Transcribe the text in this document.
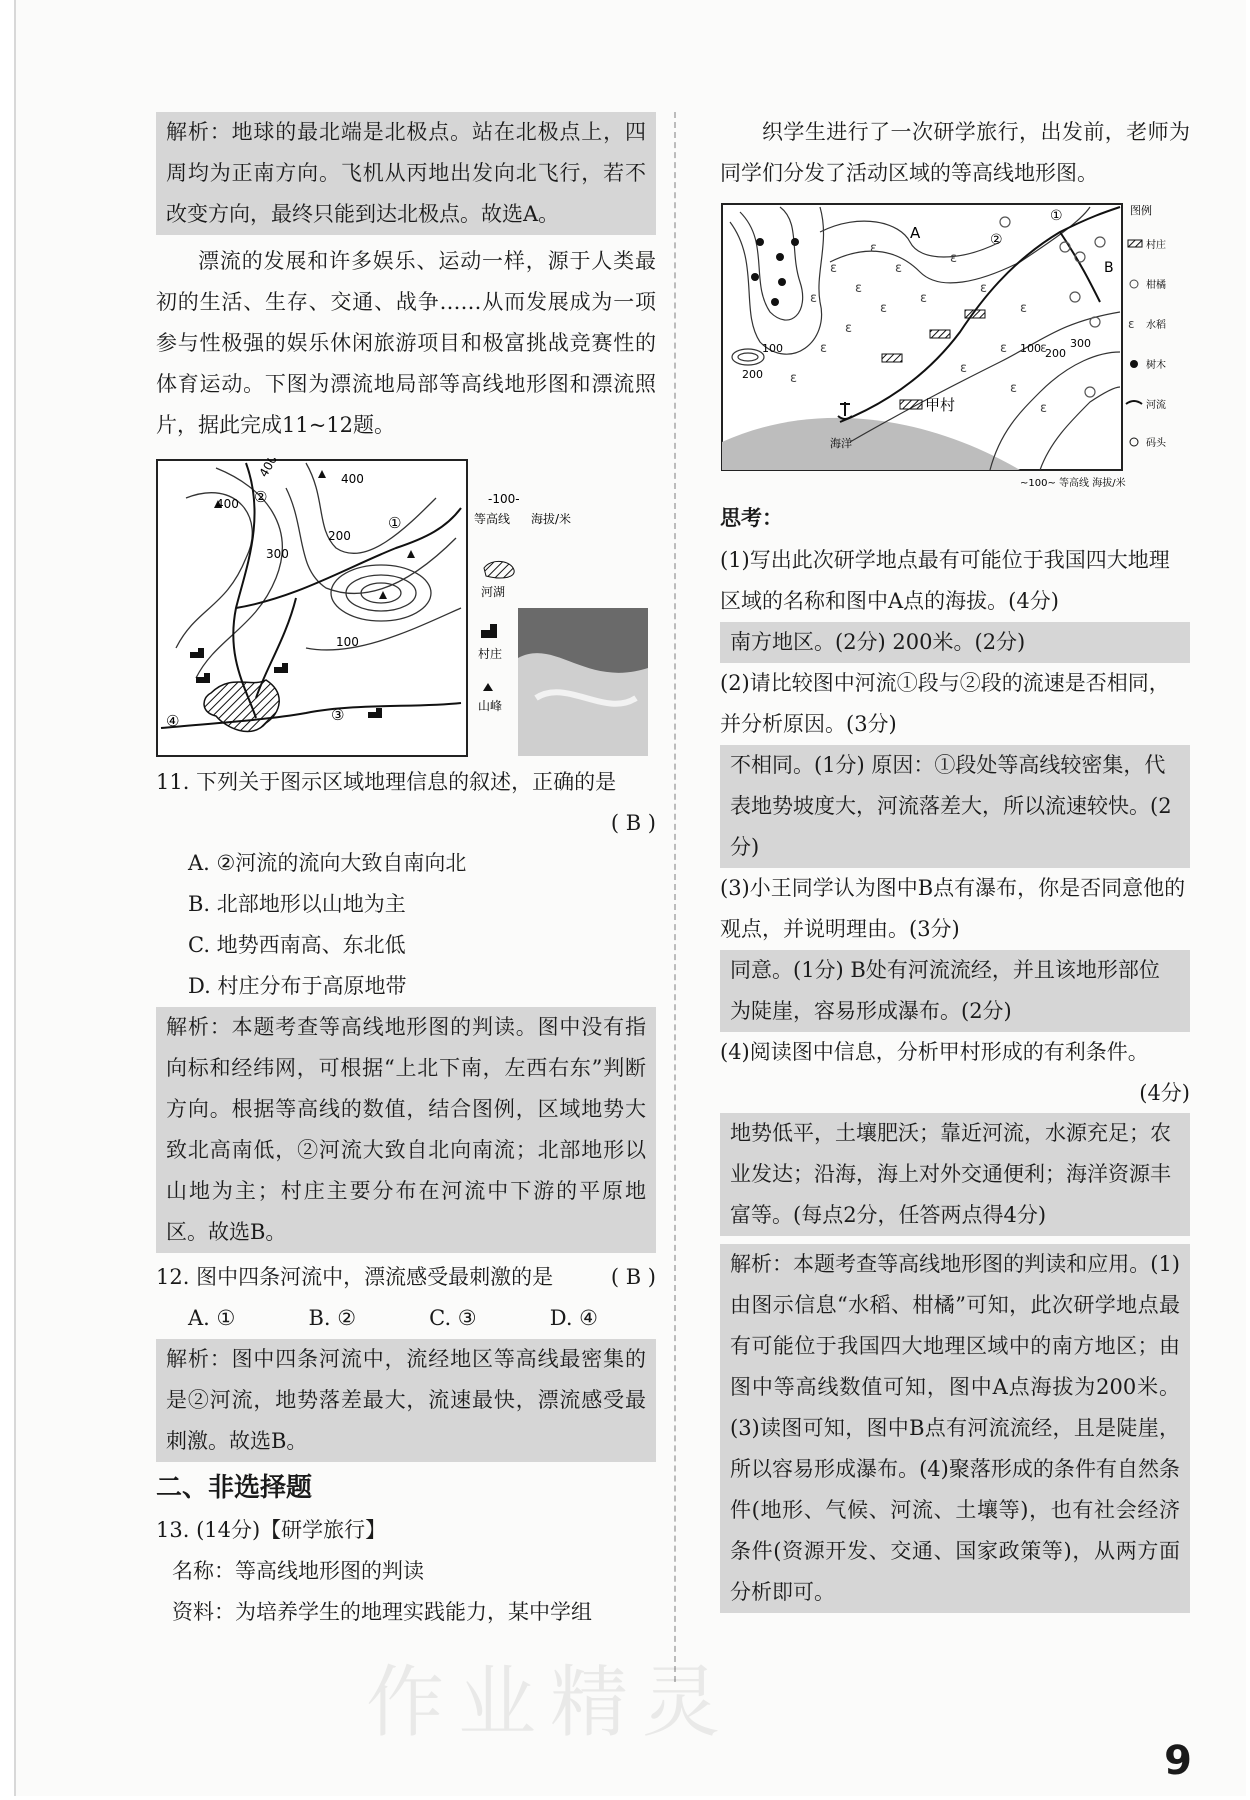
解析：地球的最北端是北极点。站在北极点上，四周均为正南方向。飞机从丙地出发向北飞行，若不改变方向，最终只能到达北极点。故选A。

漂流的发展和许多娱乐、运动一样，源于人类最初的生活、生存、交通、战争……从而发展成为一项参与性极强的娱乐休闲旅游项目和极富挑战竞赛性的体育运动。下图为漂流地局部等高线地形图和漂流照片，据此完成11~12题。

400
400
400
300
200
100
①
②
③
④
-100-
等高线 海拔/米
河湖
村庄
山峰

11. 下列关于图示区域地理信息的叙述，正确的是

( B )

A. ②河流的流向大致自南向北

B. 北部地形以山地为主

C. 地势西南高、东北低

D. 村庄分布于高原地带

解析：本题考查等高线地形图的判读。图中没有指向标和经纬网，可根据“上北下南，左西右东”判断方向。根据等高线的数值，结合图例，区域地势大致北高南低，②河流大致自北向南流；北部地形以山地为主；村庄主要分布在河流中下游的平原地区。故选B。

12. 图中四条河流中，漂流感受最刺激的是	( B )
A. ①	B. ②	C. ③	D. ④

解析：图中四条河流中，流经地区等高线最密集的是②河流，地势落差最大，流速最快，漂流感受最刺激。故选B。

二、非选择题

13. (14分)【研学旅行】

名称：等高线地形图的判读

资料：为培养学生的地理实践能力，某中学组

织学生进行了一次研学旅行，出发前，老师为同学们分发了活动区域的等高线地形图。

ɛ
ɛ
ɛ
ɛ
ɛ
ɛ
ɛ
ɛ
ɛ
ɛ
ɛ
ɛ
ɛ
ɛ
ɛ
ɛ
ɛ
ɛ
A
B
①
②
100 200
300
200
100
甲村
海洋
图例
村庄
柑橘
ɛ 水稻
树木
河流
码头
~100~ 等高线 海拔/米

思考：

(1)写出此次研学地点最有可能位于我国四大地理区域的名称和图中A点的海拔。(4分)

南方地区。(2分) 200米。(2分)

(2)请比较图中河流①段与②段的流速是否相同，并分析原因。(3分)

不相同。(1分) 原因：①段处等高线较密集，代表地势坡度大，河流落差大，所以流速较快。(2分)

(3)小王同学认为图中B点有瀑布，你是否同意他的观点，并说明理由。(3分)

同意。(1分) B处有河流流经，并且该地形部位为陡崖，容易形成瀑布。(2分)

(4)阅读图中信息，分析甲村形成的有利条件。

(4分)

地势低平，土壤肥沃；靠近河流，水源充足；农业发达；沿海，海上对外交通便利；海洋资源丰富等。(每点2分，任答两点得4分)

解析：本题考查等高线地形图的判读和应用。(1)由图示信息“水稻、柑橘”可知，此次研学地点最有可能位于我国四大地理区域中的南方地区；由图中等高线数值可知，图中A点海拔为200米。(3)读图可知，图中B点有河流流经，且是陡崖，所以容易形成瀑布。(4)聚落形成的条件有自然条件(地形、气候、河流、土壤等)，也有社会经济条件(资源开发、交通、国家政策等)，从两方面分析即可。

作业精灵
9
